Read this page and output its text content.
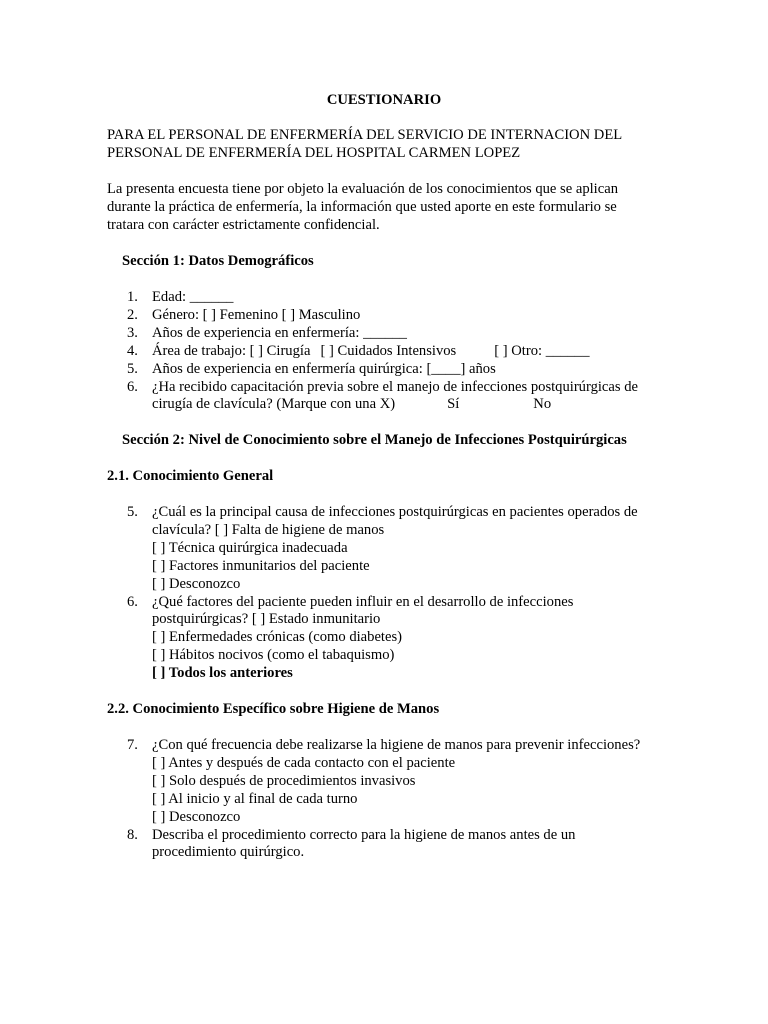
CUESTIONARIO
PARA EL PERSONAL DE ENFERMERÍA DEL SERVICIO DE INTERNACION DEL
PERSONAL DE ENFERMERÍA DEL HOSPITAL CARMEN LOPEZ
La presenta encuesta tiene por objeto la evaluación de los conocimientos que se aplican
durante la práctica de enfermería, la información que usted aporte en este formulario se
tratara con carácter estrictamente confidencial.
Sección 1: Datos Demográficos
1. Edad: ______
2. Género: [ ] Femenino [ ] Masculino
3. Años de experiencia en enfermería: ______
4. Área de trabajo: [ ] Cirugía [ ] Cuidados Intensivos	[ ] Otro: ______
5. Años de experiencia en enfermería quirúrgica: [____] años
6. ¿Ha recibido capacitación previa sobre el manejo de infecciones postquirúrgicas de
cirugía de clavícula? (Marque con una X)	Sí	No
Sección 2: Nivel de Conocimiento sobre el Manejo de Infecciones Postquirúrgicas
2.1. Conocimiento General
5. ¿Cuál es la principal causa de infecciones postquirúrgicas en pacientes operados de
clavícula? [ ] Falta de higiene de manos
[ ] Técnica quirúrgica inadecuada
[ ] Factores inmunitarios del paciente
[ ] Desconozco
6. ¿Qué factores del paciente pueden influir en el desarrollo de infecciones
postquirúrgicas? [ ] Estado inmunitario
[ ] Enfermedades crónicas (como diabetes)
[ ] Hábitos nocivos (como el tabaquismo)
[ ] Todos los anteriores
2.2. Conocimiento Específico sobre Higiene de Manos
7. ¿Con qué frecuencia debe realizarse la higiene de manos para prevenir infecciones?
[ ] Antes y después de cada contacto con el paciente
[ ] Solo después de procedimientos invasivos
[ ] Al inicio y al final de cada turno
[ ] Desconozco
8. Describa el procedimiento correcto para la higiene de manos antes de un
procedimiento quirúrgico.
